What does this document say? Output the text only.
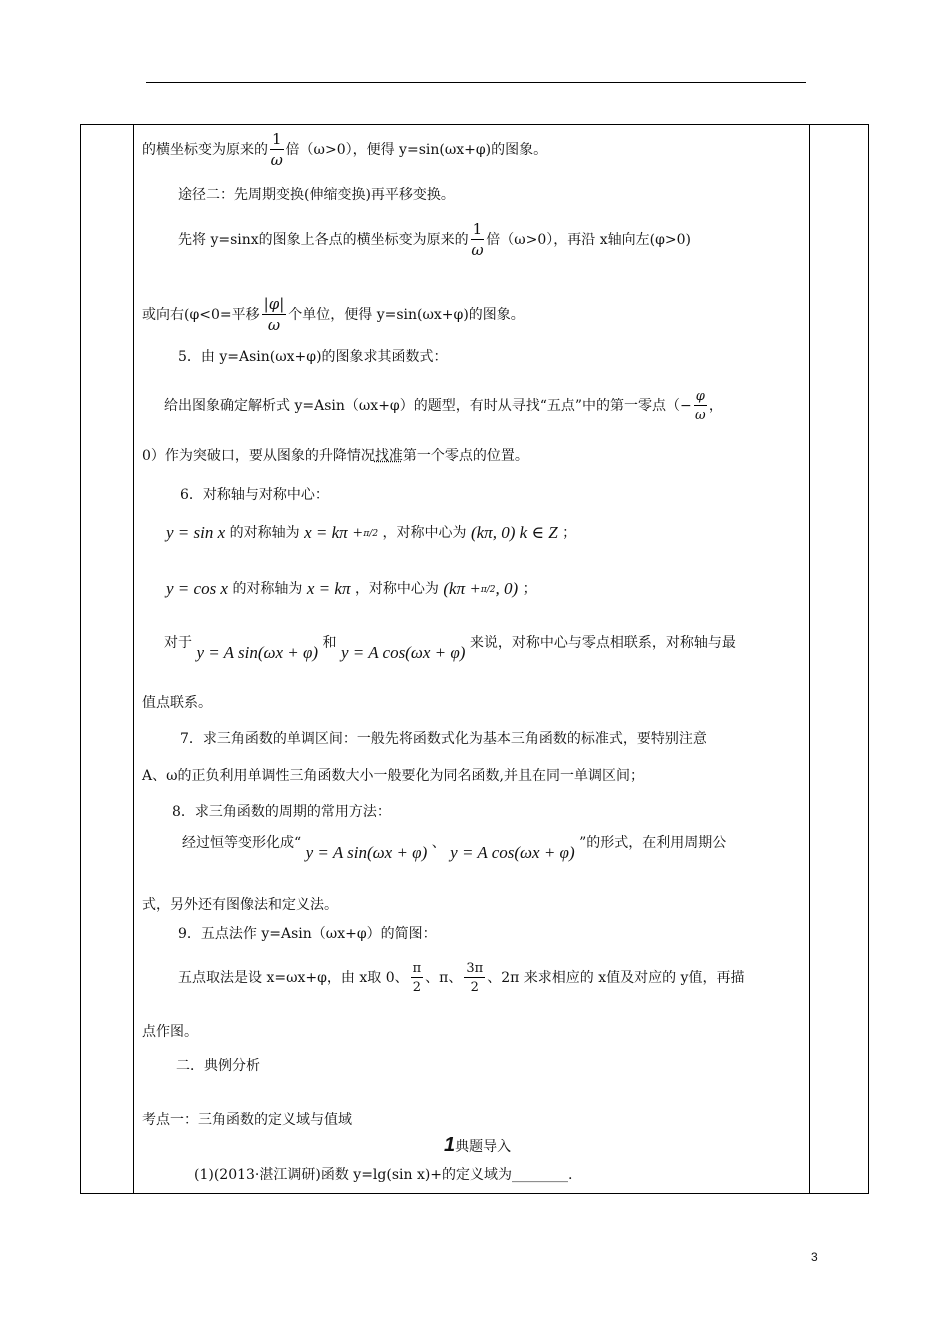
的横坐标变为原来的 $\frac{1}{\omega}$ 倍（ω>0），便得 y=sin(ωx+φ)的图象。
途径二：先周期变换(伸缩变换)再平移变换。
先将 y=sinx的图象上各点的横坐标变为原来的 $\frac{1}{\omega}$ 倍（ω>0），再沿 x轴向左(φ>0)
或向右(φ<0=平移 $\frac{|\varphi|}{\omega}$ 个单位，便得 y=sin(ωx+φ)的图象。
5．由 y=Asin(ωx+φ)的图象求其函数式：
给出图象确定解析式 y=Asin（ωx+φ）的题型，有时从寻找“五点”中的第一零点（− $\frac{\varphi}{\omega}$ ，
0）作为突破口，要从图象的升降情况找准第一个零点的位置。
6．对称轴与对称中心：
y = sin x 的对称轴为 x = kπ +π/2 ，对称中心为 (kπ, 0) k ∈ Z ；
y = cos x 的对称轴为 x = kπ ，对称中心为 (kπ +π/2, 0) ；
对于 y = A sin(ωx + φ) 和 y = A cos(ωx + φ) 来说，对称中心与零点相联系，对称轴与最
值点联系。
7．求三角函数的单调区间：一般先将函数式化为基本三角函数的标准式，要特别注意
A、ω的正负利用单调性三角函数大小一般要化为同名函数,并且在同一单调区间；
8．求三角函数的周期的常用方法：
经过恒等变形化成“ y = A sin(ωx + φ) 、 y = A cos(ωx + φ) ”的形式，在利用周期公
式，另外还有图像法和定义法。
9．五点法作 y=Asin（ωx+φ）的简图：
五点取法是设 x=ωx+φ，由 x取 0、 $\frac{\pi}{2}$ 、π、 $\frac{3\pi}{2}$ 、2π 来求相应的 x值及对应的 y值，再描
点作图。
二．典例分析
考点一：三角函数的定义域与值域
1典题导入
(1)(2013·湛江调研)函数 y=lg(sin x)+的定义域为________.
3
